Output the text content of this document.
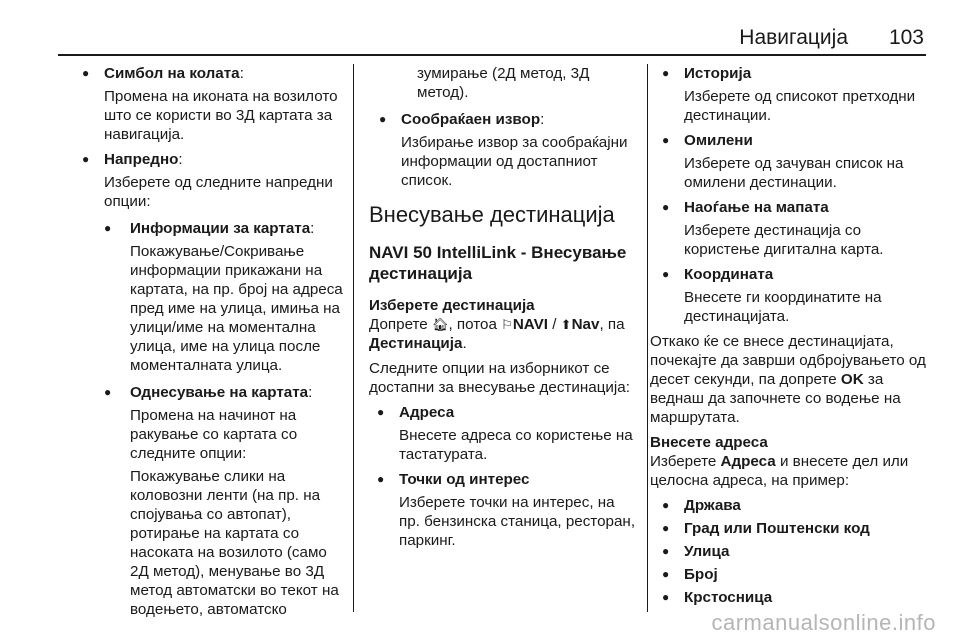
Навигација 103
● Симбол на колата:

Промена на иконата на возилото што се користи во 3Д картата за навигација.

● Напредно:

Изберете од следните напредни опции:

● Информации за картата:

Покажување/Сокривање информации прикажани на картата, на пр. број на адреса пред име на улица, имиња на улици/име на моментална улица, име на улица после моменталната улица.

● Однесување на картата:

Промена на начинот на ракување со картата со следните опции:

Покажување слики на коловозни ленти (на пр. на спојувања со автопат), ротирање на картата со насоката на возилото (само 2Д метод), менување во 3Д метод автоматски во текот на водењето, автоматско

зумирање (2Д метод, 3Д метод).
● Сообраќаен извор:

Избирање извор за сообраќајни информации од достапниот список.

Внесување дестинација
NAVI 50 IntelliLink - Внесување дестинација
Изберете дестинација
Допрете 🏠︎, потоа ⚐NAVI / ⬆Nav, па Дестинација.
Следните опции на изборникот се достапни за внесување дестинација:
● Адреса

Внесете адреса со користење на тастатурата.

● Точки од интерес

Изберете точки на интерес, на пр. бензинска станица, ресторан, паркинг.

● Историја

Изберете од списокот претходни дестинации.

● Омилени

Изберете од зачуван список на омилени дестинации.

● Наоѓање на мапата

Изберете дестинација со користење дигитална карта.

● Координата

Внесете ги координатите на дестинацијата.

Откако ќе се внесе дестинацијата, почекајте да заврши одбројувањето од десет секунди, па допрете OK за веднаш да започнете со водење на маршрутата.
Внесете адреса
Изберете Адреса и внесете дел или целосна адреса, на пример:
● Држава
● Град или Поштенски код
● Улица
● Број
● Крстосница
carmanualsonline.info
